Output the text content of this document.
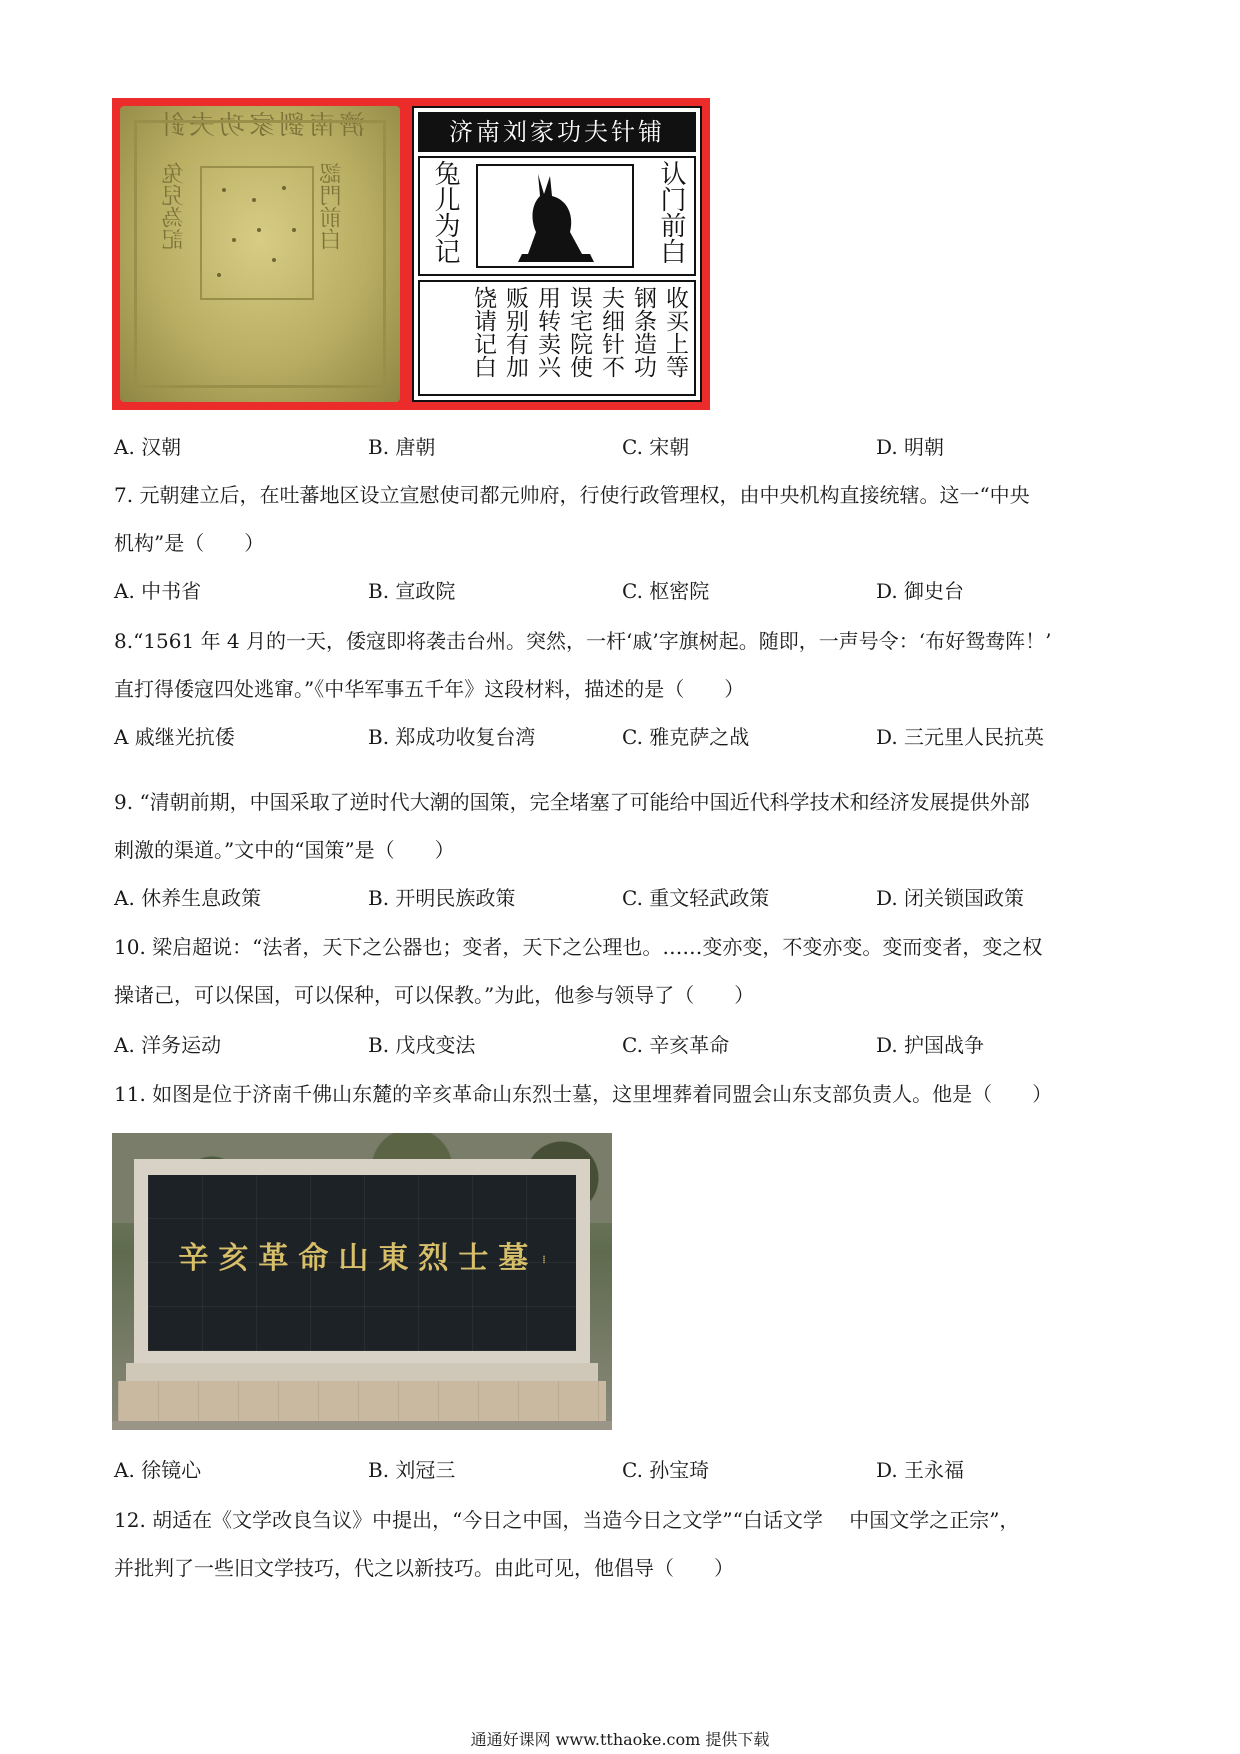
濟南劉家功夫針
認門前白
兔兒為記
济南刘家功夫针铺
兔儿为记	认门前白
收买上等
钢条造功
夫细针不
误宅院使
用转卖兴
贩别有加
饶请记白
A. 汉朝	B. 唐朝	C. 宋朝	D. 明朝
7. 元朝建立后，在吐蕃地区设立宣慰使司都元帅府，行使行政管理权，由中央机构直接统辖。这一“中央
机构”是（　　）
A. 中书省	B. 宣政院	C. 枢密院	D. 御史台
8.“1561 年 4 月的一天，倭寇即将袭击台州。突然，一杆‘戚’字旗树起。随即，一声号令：‘布好鸳鸯阵！’
直打得倭寇四处逃窜。”《中华军事五千年》这段材料，描述的是（　　）
A 戚继光抗倭	B. 郑成功收复台湾	C. 雅克萨之战	D. 三元里人民抗英
9. “清朝前期，中国采取了逆时代大潮的国策，完全堵塞了可能给中国近代科学技术和经济发展提供外部
刺激的渠道。”文中的“国策”是（　　）
A. 休养生息政策	B. 开明民族政策	C. 重文轻武政策	D. 闭关锁国政策
10. 梁启超说：“法者，天下之公器也；变者，天下之公理也。……变亦变，不变亦变。变而变者，变之权
操诸己，可以保国，可以保种，可以保教。”为此，他参与领导了（　　）
A. 洋务运动	B. 戊戌变法	C. 辛亥革命	D. 护国战争
11. 如图是位于济南千佛山东麓的辛亥革命山东烈士墓，这里埋葬着同盟会山东支部负责人。他是（　　）
辛亥革命山東烈士墓 ⁞
A. 徐镜心	B. 刘冠三	C. 孙宝琦	D. 王永福
12. 胡适在《文学改良刍议》中提出，“今日之中国，当造今日之文学”“白话文学　 中国文学之正宗”，
并批判了一些旧文学技巧，代之以新技巧。由此可见，他倡导（　　）
通通好课网 www.tthaoke.com 提供下载
